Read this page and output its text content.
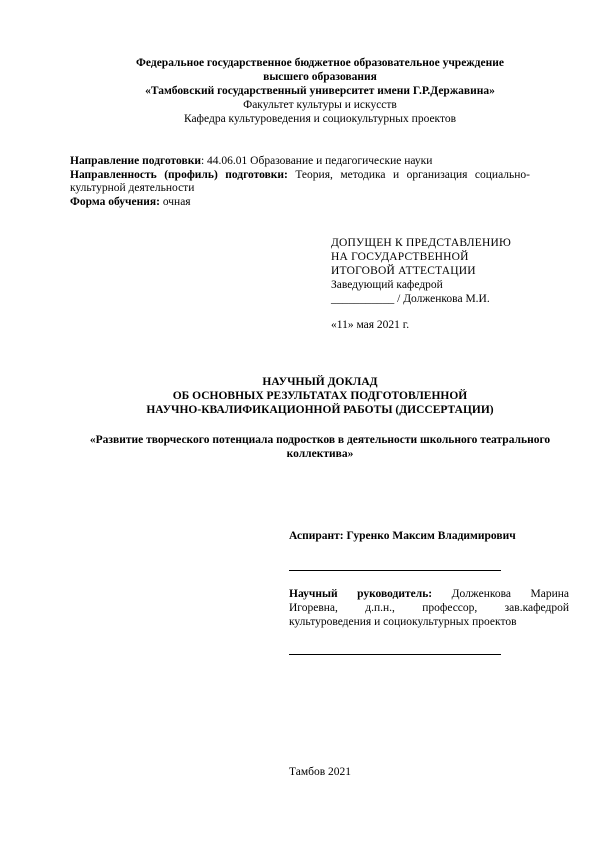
Федеральное государственное бюджетное образовательное учреждение
высшего образования
«Тамбовский государственный университет имени Г.Р.Державина»
Факультет культуры и искусств
Кафедра культуроведения и социокультурных проектов
Направление подготовки: 44.06.01 Образование и педагогические науки
Направленность (профиль) подготовки: Теория, методика и организация социально-
культурной деятельности
Форма обучения: очная
ДОПУЩЕН К ПРЕДСТАВЛЕНИЮ
НА ГОСУДАРСТВЕННОЙ
ИТОГОВОЙ АТТЕСТАЦИИ
Заведующий кафедрой
___________ / Долженкова М.И.
«11» мая 2021 г.
НАУЧНЫЙ ДОКЛАД
ОБ ОСНОВНЫХ РЕЗУЛЬТАТАХ ПОДГОТОВЛЕННОЙ
НАУЧНО-КВАЛИФИКАЦИОННОЙ РАБОТЫ (ДИССЕРТАЦИИ)
«Развитие творческого потенциала подростков в деятельности школьного театрального
коллектива»
Аспирант: Гуренко Максим Владимирович
Научный руководитель: Долженкова Марина
Игоревна, д.п.н., профессор, зав.кафедрой
культуроведения и социокультурных проектов
Тамбов 2021
